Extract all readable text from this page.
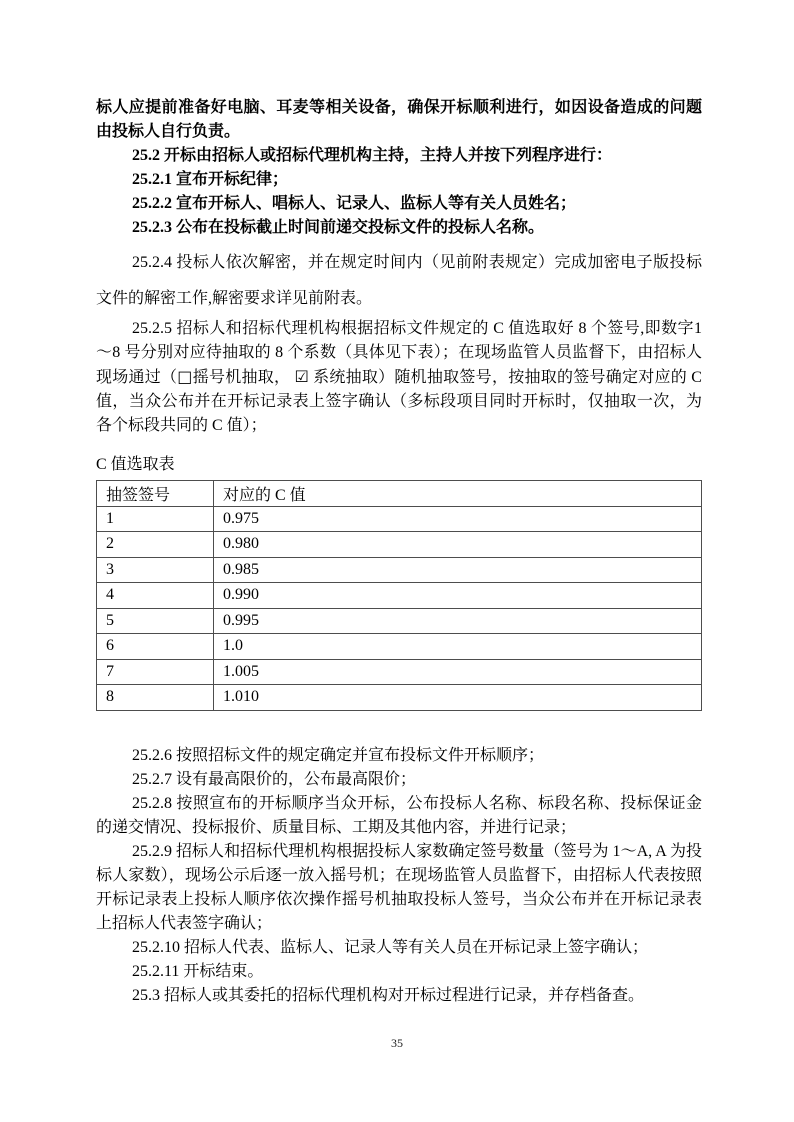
标人应提前准备好电脑、耳麦等相关设备，确保开标顺利进行，如因设备造成的问题由投标人自行负责。

25.2 开标由招标人或招标代理机构主持，主持人并按下列程序进行：

25.2.1 宣布开标纪律；

25.2.2 宣布开标人、唱标人、记录人、监标人等有关人员姓名；

25.2.3 公布在投标截止时间前递交投标文件的投标人名称。

25.2.4 投标人依次解密，并在规定时间内（见前附表规定）完成加密电子版投标文件的解密工作,解密要求详见前附表。

25.2.5 招标人和招标代理机构根据招标文件规定的 C 值选取好 8 个签号,即数字1～8 号分别对应待抽取的 8 个系数（具体见下表）；在现场监管人员监督下，由招标人现场通过（□摇号机抽取， ☑ 系统抽取）随机抽取签号，按抽取的签号确定对应的 C 值，当众公布并在开标记录表上签字确认（多标段项目同时开标时，仅抽取一次，为各个标段共同的 C 值）；

C 值选取表

抽签签号	对应的 C 值
1	0.975
2	0.980
3	0.985
4	0.990
5	0.995
6	1.0
7	1.005
8	1.010

25.2.6 按照招标文件的规定确定并宣布投标文件开标顺序；

25.2.7 设有最高限价的，公布最高限价；

25.2.8 按照宣布的开标顺序当众开标，公布投标人名称、标段名称、投标保证金的递交情况、投标报价、质量目标、工期及其他内容，并进行记录；

25.2.9 招标人和招标代理机构根据投标人家数确定签号数量（签号为 1～A, A 为投标人家数），现场公示后逐一放入摇号机；在现场监管人员监督下，由招标人代表按照开标记录表上投标人顺序依次操作摇号机抽取投标人签号，当众公布并在开标记录表上招标人代表签字确认；

25.2.10 招标人代表、监标人、记录人等有关人员在开标记录上签字确认；

25.2.11 开标结束。

25.3 招标人或其委托的招标代理机构对开标过程进行记录，并存档备查。

35
